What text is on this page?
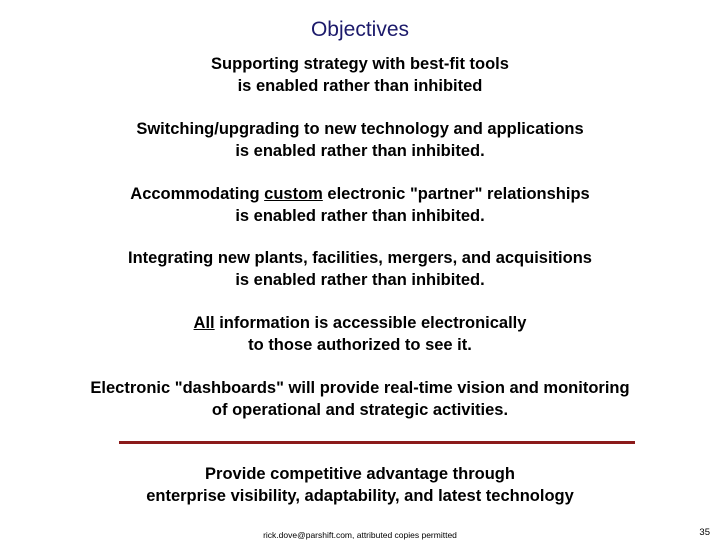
Objectives
Supporting strategy with best-fit tools
is enabled rather than inhibited
Switching/upgrading to new technology and applications
is enabled rather than inhibited.
Accommodating custom electronic "partner" relationships
is enabled rather than inhibited.
Integrating new plants, facilities, mergers, and acquisitions
is enabled rather than inhibited.
All information is accessible electronically
to those authorized to see it.
Electronic "dashboards" will provide real-time vision and monitoring
of operational and strategic activities.
Provide competitive advantage through
enterprise visibility, adaptability, and latest technology
rick.dove@parshift.com, attributed copies permitted	35
